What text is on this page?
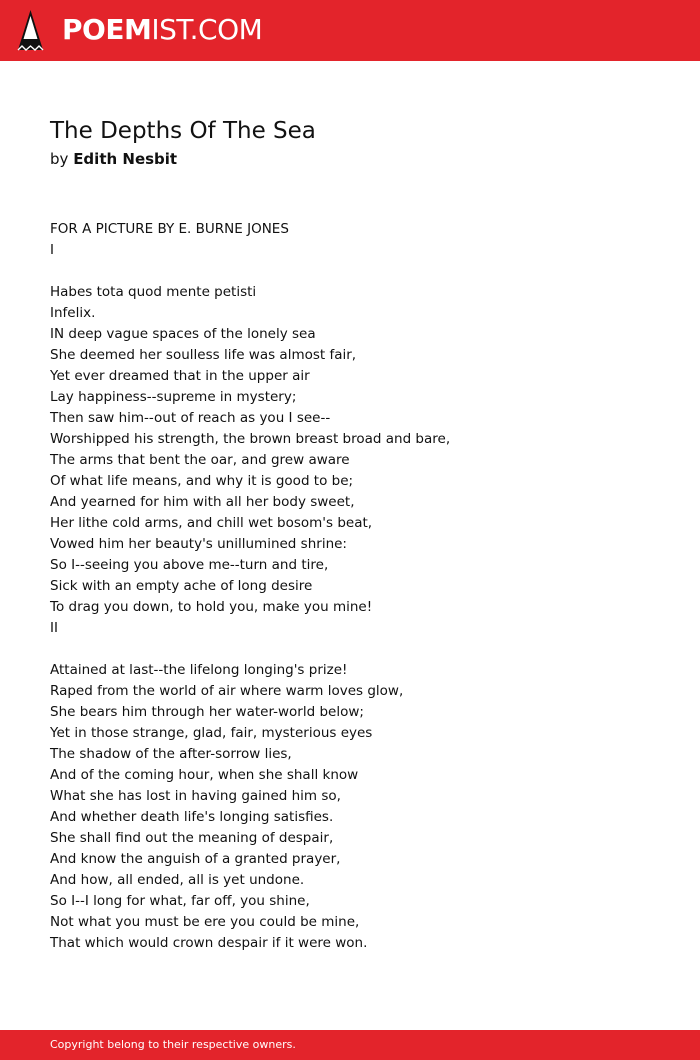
POEMIST.COM
The Depths Of The Sea
by Edith Nesbit
FOR A PICTURE BY E. BURNE JONES
I
Habes tota quod mente petisti
Infelix.
IN deep vague spaces of the lonely sea
She deemed her soulless life was almost fair,
Yet ever dreamed that in the upper air
Lay happiness--supreme in mystery;
Then saw him--out of reach as you I see--
Worshipped his strength, the brown breast broad and bare,
The arms that bent the oar, and grew aware
Of what life means, and why it is good to be;
And yearned for him with all her body sweet,
Her lithe cold arms, and chill wet bosom's beat,
Vowed him her beauty's unillumined shrine:
So I--seeing you above me--turn and tire,
Sick with an empty ache of long desire
To drag you down, to hold you, make you mine!
II
Attained at last--the lifelong longing's prize!
Raped from the world of air where warm loves glow,
She bears him through her water-world below;
Yet in those strange, glad, fair, mysterious eyes
The shadow of the after-sorrow lies,
And of the coming hour, when she shall know
What she has lost in having gained him so,
And whether death life's longing satisfies.
She shall find out the meaning of despair,
And know the anguish of a granted prayer,
And how, all ended, all is yet undone.
So I--I long for what, far off, you shine,
Not what you must be ere you could be mine,
That which would crown despair if it were won.
Copyright belong to their respective owners.
